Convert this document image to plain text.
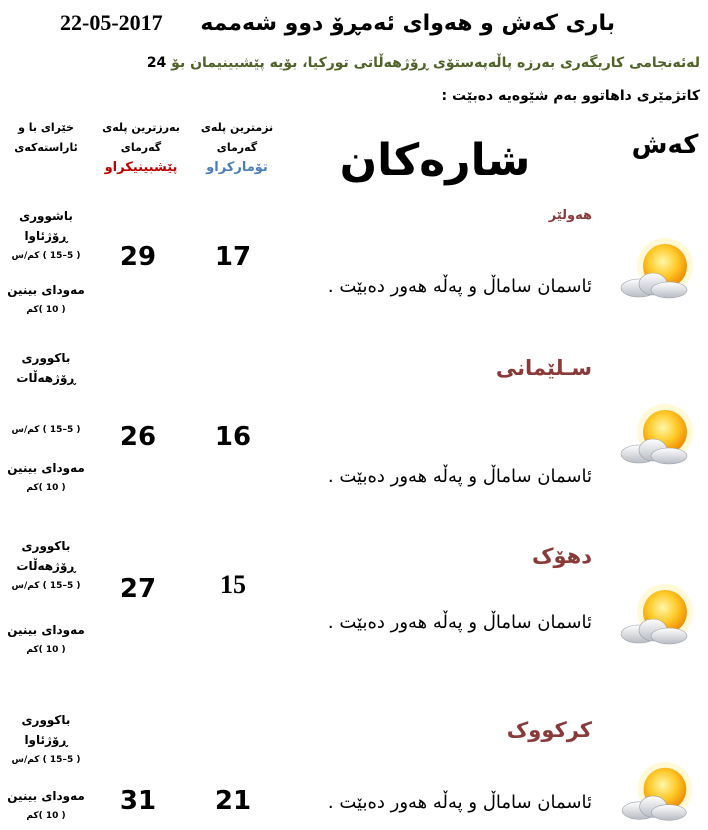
22-05-2017 باری کەش و هەوای ئەمڕۆ دوو شەممە
لەئەنجامی کاریگەری بەرزە پاڵەپەستۆی ڕۆژهەڵاتی تورکیا، بۆیە پێشبینیمان بۆ 24
کاتژمێری داهاتوو بەم شێوەیە دەبێت :
کەش
شارەکان
نزمترین پلەی
گەرمای
تۆمارکراو
بەرزترین پلەی
گەرمای
پێشبینیکراو
خێرای با و
ئاراستەکەی
هەولێر
ئاسمان ساماڵ و پەڵە هەور دەبێت .
17
29
باشووری
ڕۆژئاوا
( 5–15 ) کم/س
مەودای بینین
( 10 )کم
سـلێمانی
ئاسمان ساماڵ و پەڵە هەور دەبێت .
16
26
باکووری
ڕۆژهەڵات
( 5–15 ) کم/س
مەودای بینین
( 10 )کم
دهۆک
ئاسمان ساماڵ و پەڵە هەور دەبێت .
15
27
باکووری
ڕۆژهەڵات
( 5–15 ) کم/س
مەودای بینین
( 10 )کم
کرکووک
ئاسمان ساماڵ و پەڵە هەور دەبێت .
21
31
باکووری
ڕۆژئاوا
( 5–15 ) کم/س
مەودای بینین
( 10 )کم
